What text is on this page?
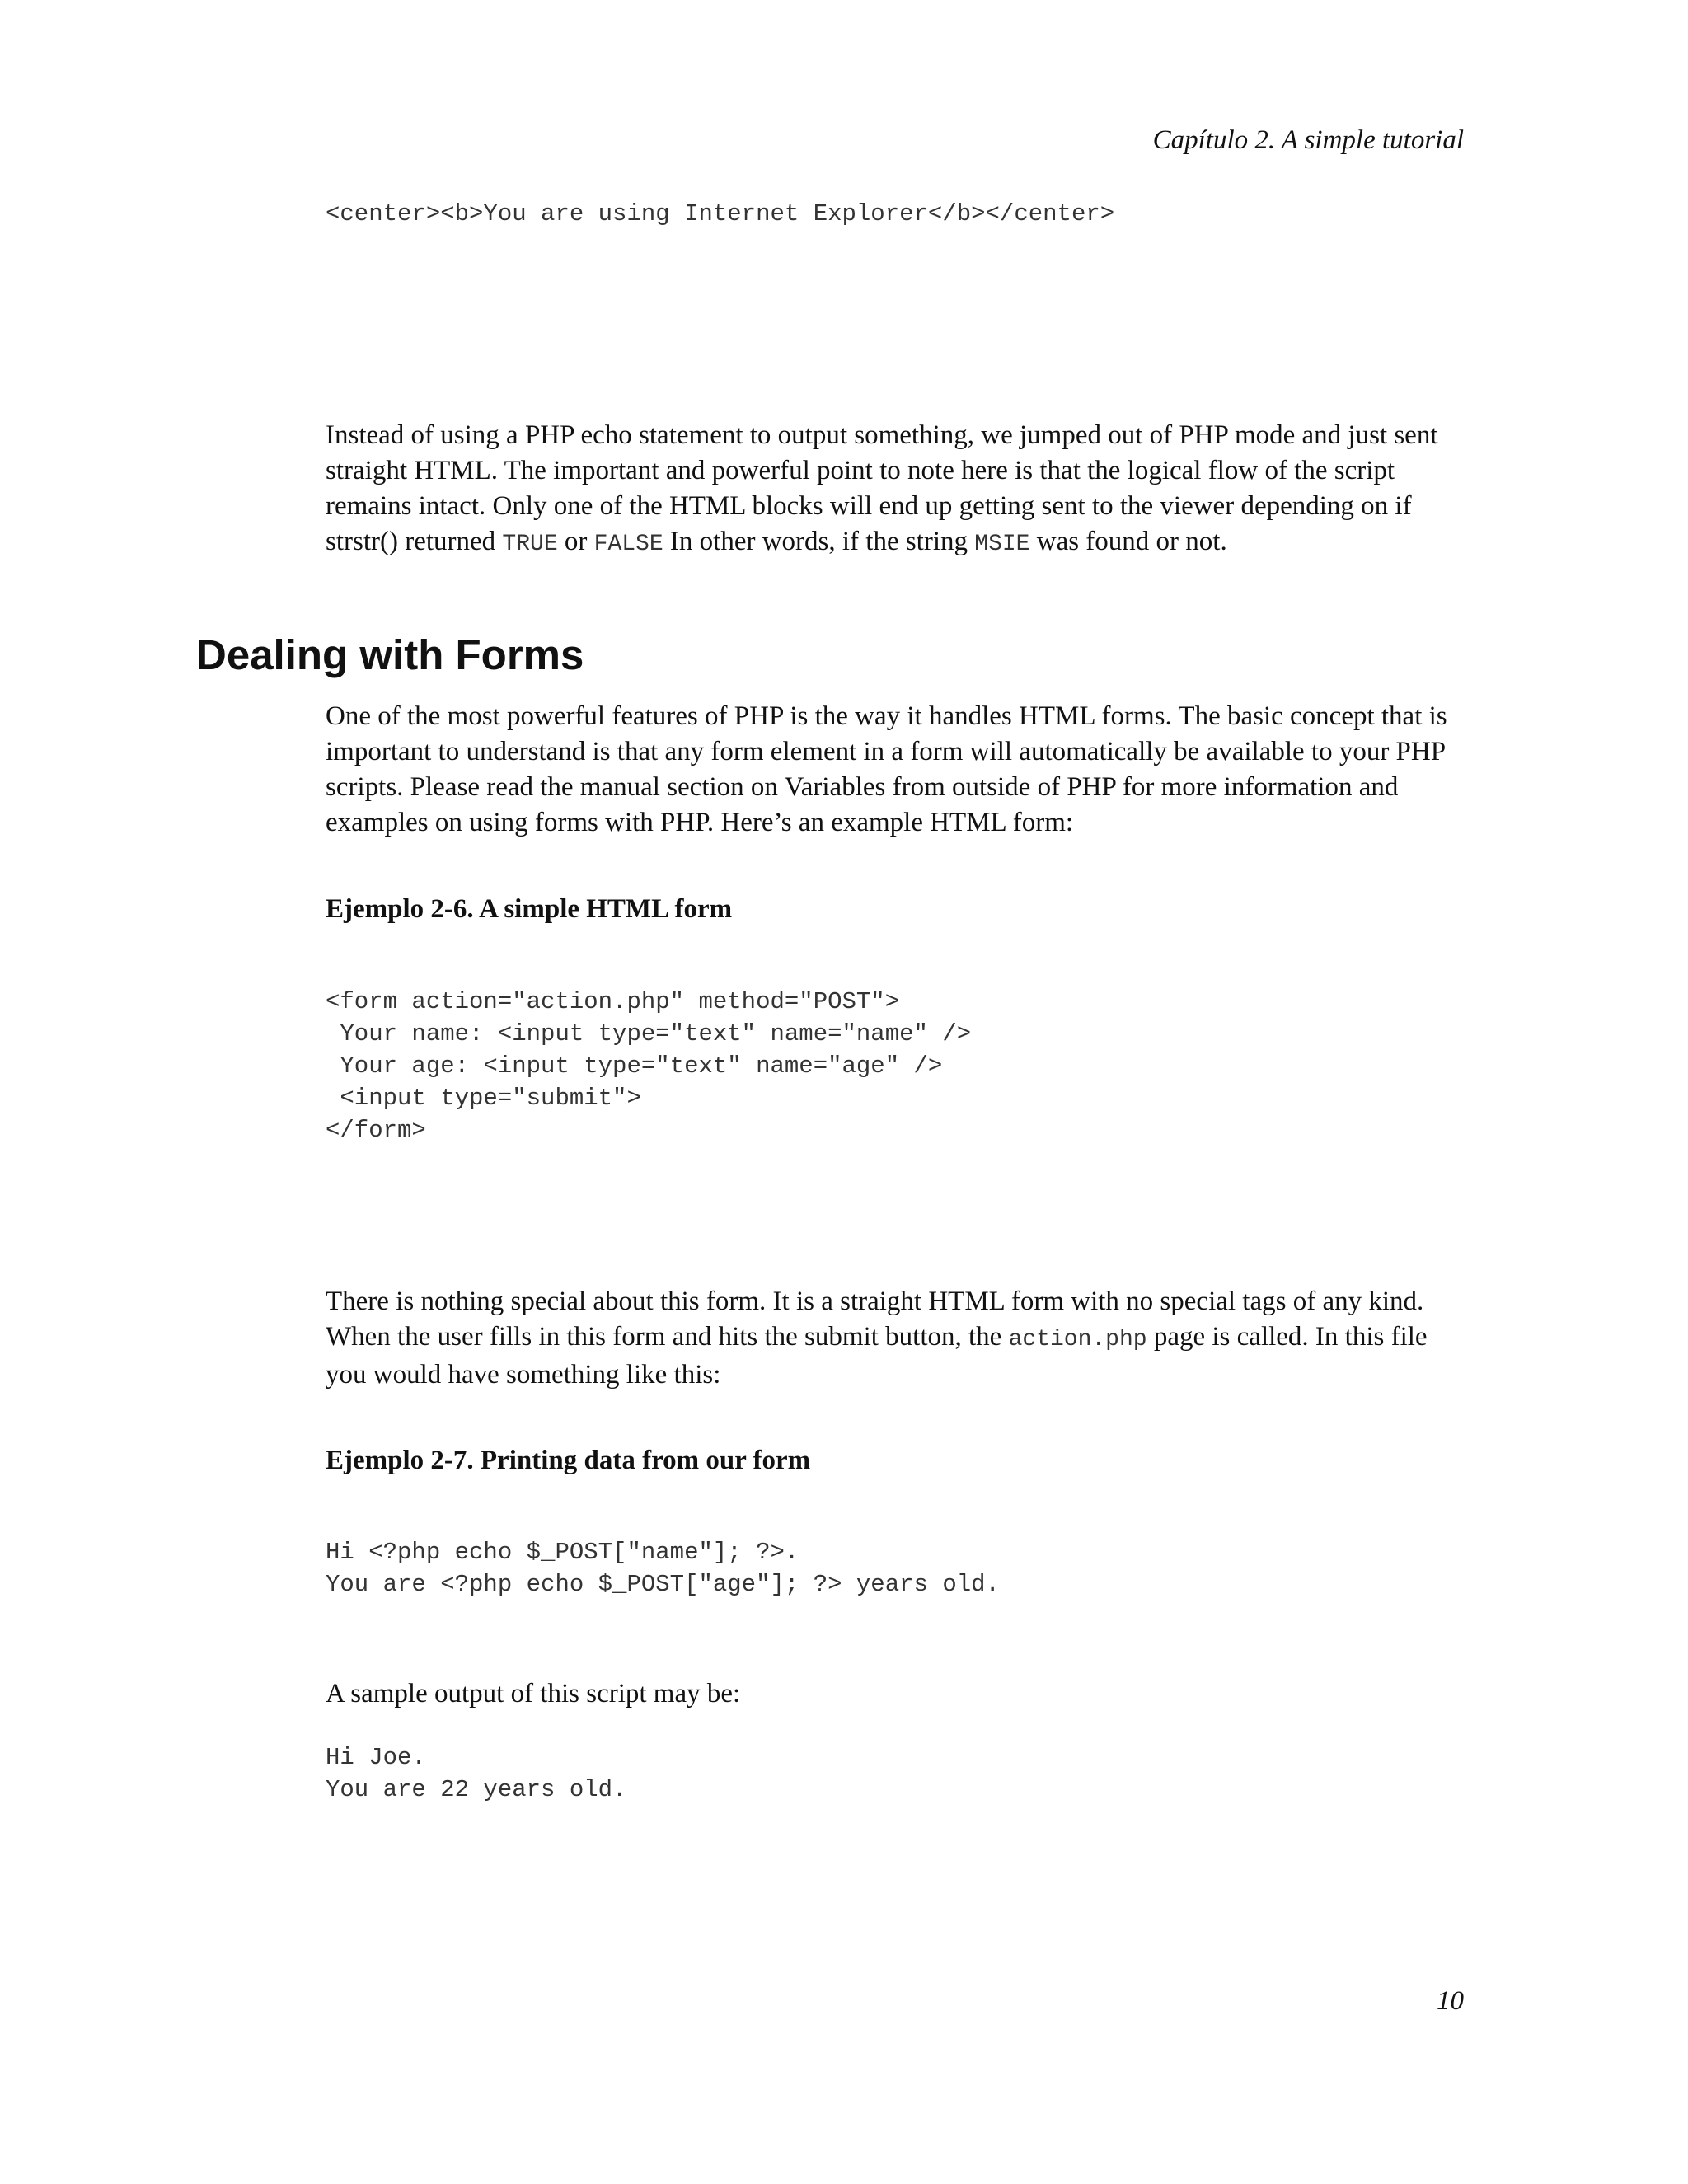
Capítulo 2. A simple tutorial
<center><b>You are using Internet Explorer</b></center>

Instead of using a PHP echo statement to output something, we jumped out of PHP mode and just sent straight HTML. The important and powerful point to note here is that the logical flow of the script remains intact. Only one of the HTML blocks will end up getting sent to the viewer depending on if strstr() returned TRUE or FALSE In other words, if the string MSIE was found or not.

Dealing with Forms

One of the most powerful features of PHP is the way it handles HTML forms. The basic concept that is important to understand is that any form element in a form will automatically be available to your PHP scripts. Please read the manual section on Variables from outside of PHP for more information and examples on using forms with PHP. Here’s an example HTML form:

Ejemplo 2-6. A simple HTML form
<form action="action.php" method="POST">
Your name: <input type="text" name="name" />
Your age: <input type="text" name="age" />
<input type="submit">
</form>

There is nothing special about this form. It is a straight HTML form with no special tags of any kind. When the user fills in this form and hits the submit button, the action.php page is called. In this file you would have something like this:

Ejemplo 2-7. Printing data from our form
Hi <?php echo $_POST["name"]; ?>.
You are <?php echo $_POST["age"]; ?> years old.

A sample output of this script may be:

Hi Joe.
You are 22 years old.
10
